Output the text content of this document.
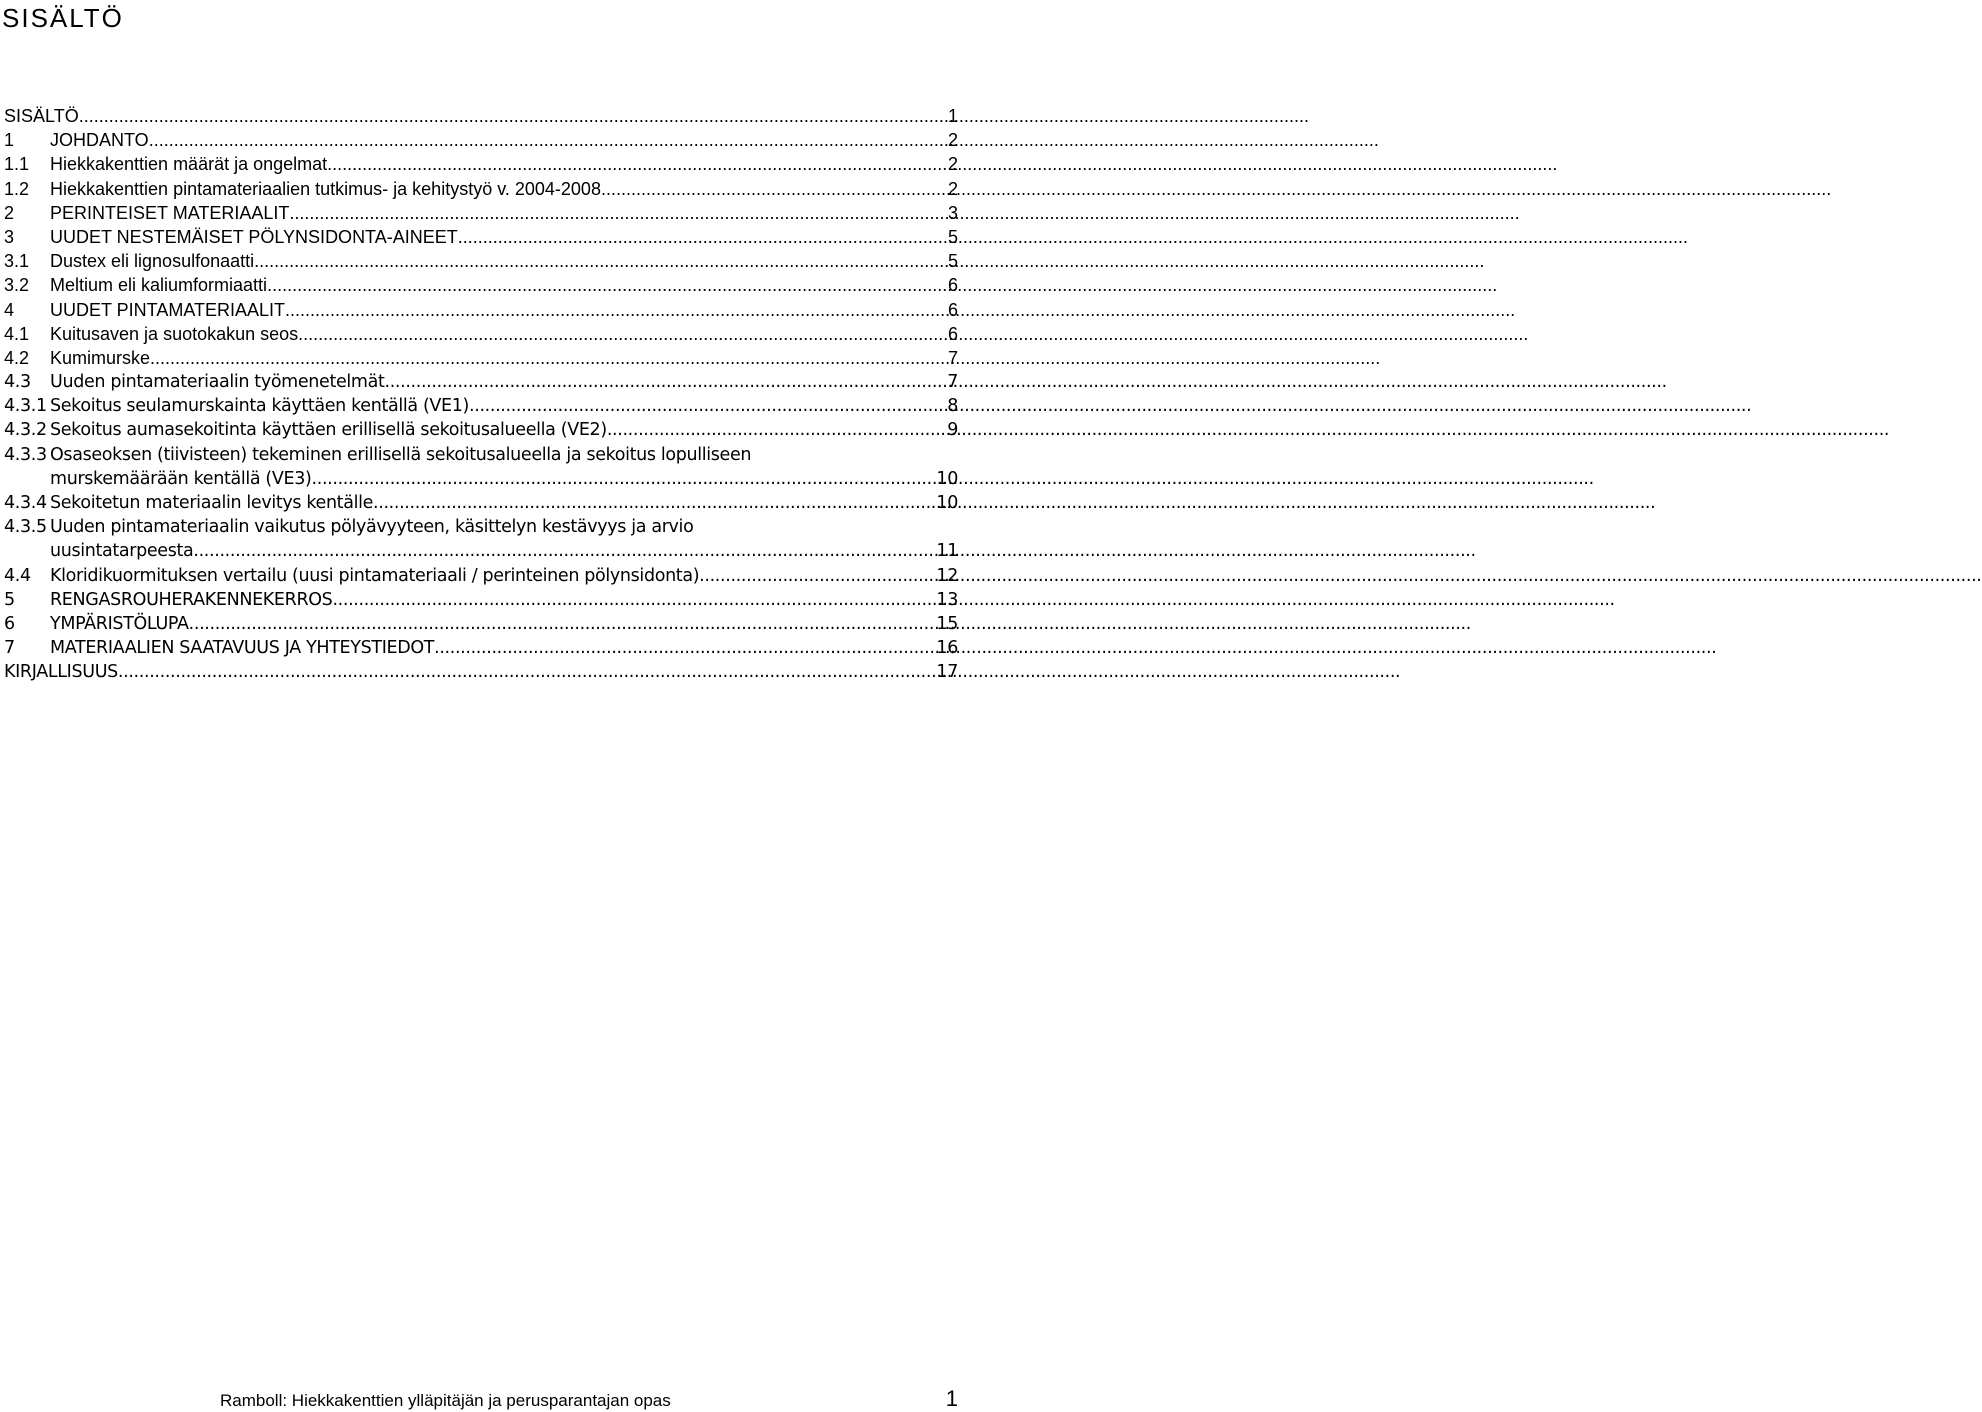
SISÄLTÖ
SISÄLTÖ .....	1
1	JOHDANTO .....	2
1.1	Hiekkakenttien määrät ja ongelmat .....	2
1.2	Hiekkakenttien pintamateriaalien tutkimus- ja kehitystyö v. 2004-2008 .....	2
2	PERINTEISET MATERIAALIT .....	3
3	UUDET NESTEMÄISET PÖLYNSIDONTA-AINEET .....	5
3.1	Dustex eli lignosulfonaatti .....	5
3.2	Meltium eli kaliumformiaatti .....	6
4	UUDET PINTAMATERIAALIT .....	6
4.1	Kuitusaven ja suotokakun seos .....	6
4.2	Kumimurske .....	7
4.3	Uuden pintamateriaalin työmenetelmät .....	7
4.3.1 Sekoitus seulamurskainta käyttäen kentällä (VE1) .....	8
4.3.2 Sekoitus aumasekoitinta käyttäen erillisellä sekoitusalueella (VE2) .....	9
4.3.3 Osaseoksen (tiivisteen) tekeminen erillisellä sekoitusalueella ja sekoitus lopulliseen
murskemäärään kentällä (VE3) .....	10
4.3.4 Sekoitetun materiaalin levitys kentälle .....	10
4.3.5 Uuden pintamateriaalin vaikutus pölyävyyteen, käsittelyn kestävyys ja arvio
uusintatarpeesta .....	11
4.4	Kloridikuormituksen vertailu (uusi pintamateriaali / perinteinen pölynsidonta) .....	12
5	RENGASROUHERAKENNEKERROS .....	13
6	YMPÄRISTÖLUPA .....	15
7	MATERIAALIEN SAATAVUUS JA YHTEYSTIEDOT .....	16
KIRJALLISUUS .....	17
Ramboll: Hiekkakenttien ylläpitäjän ja perusparantajan opas	1
